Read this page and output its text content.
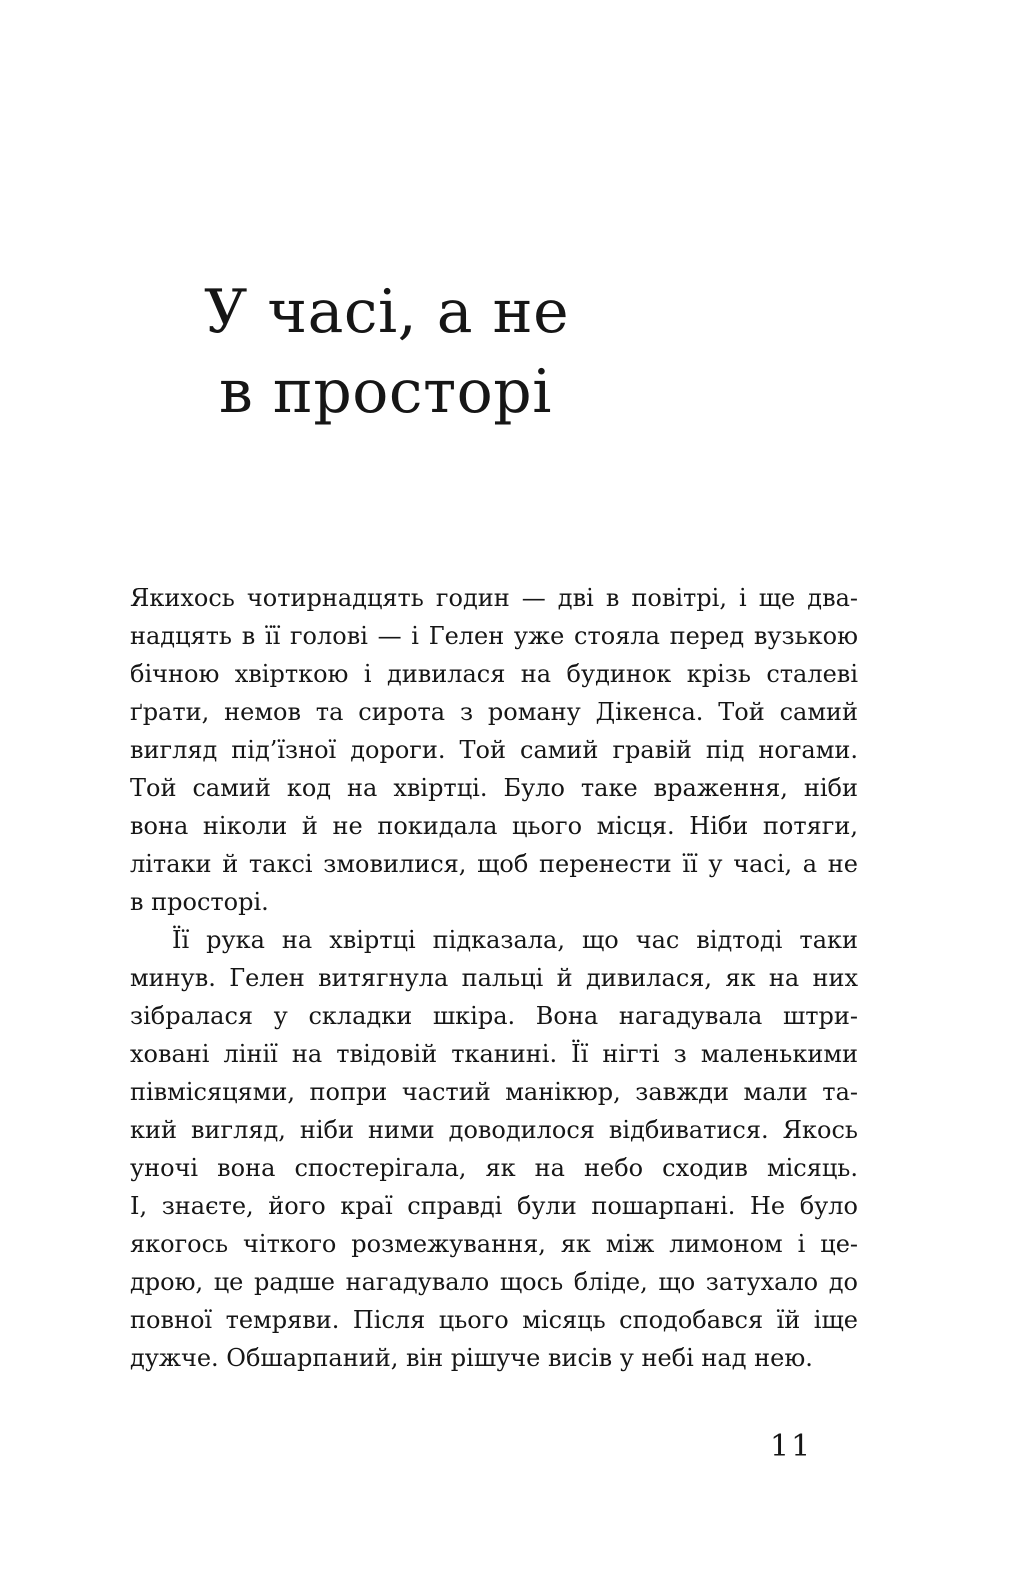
У часі, а не
в просторі
Якихось чотирнадцять годин — дві в повітрі, і ще два-
надцять в її голові — і Гелен уже стояла перед вузькою
бічною хвірткою і дивилася на будинок крізь сталеві
ґрати, немов та сирота з роману Дікенса. Той самий
вигляд під’їзної дороги. Той самий гравій під ногами.
Той самий код на хвіртці. Було таке враження, ніби
вона ніколи й не покидала цього місця. Ніби потяги,
літаки й таксі змовилися, щоб перенести її у часі, а не
в просторі.
Її рука на хвіртці підказала, що час відтоді таки
минув. Гелен витягнула пальці й дивилася, як на них
зібралася у складки шкіра. Вона нагадувала штри-
ховані лінії на твідовій тканині. Її нігті з маленькими
півмісяцями, попри частий манікюр, завжди мали та-
кий вигляд, ніби ними доводилося відбиватися. Якось
уночі вона спостерігала, як на небо сходив місяць.
І, знаєте, його краї справді були пошарпані. Не було
якогось чіткого розмежування, як між лимоном і це-
дрою, це радше нагадувало щось бліде, що затухало до
повної темряви. Після цього місяць сподобався їй іще
дужче. Обшарпаний, він рішуче висів у небі над нею.
11
